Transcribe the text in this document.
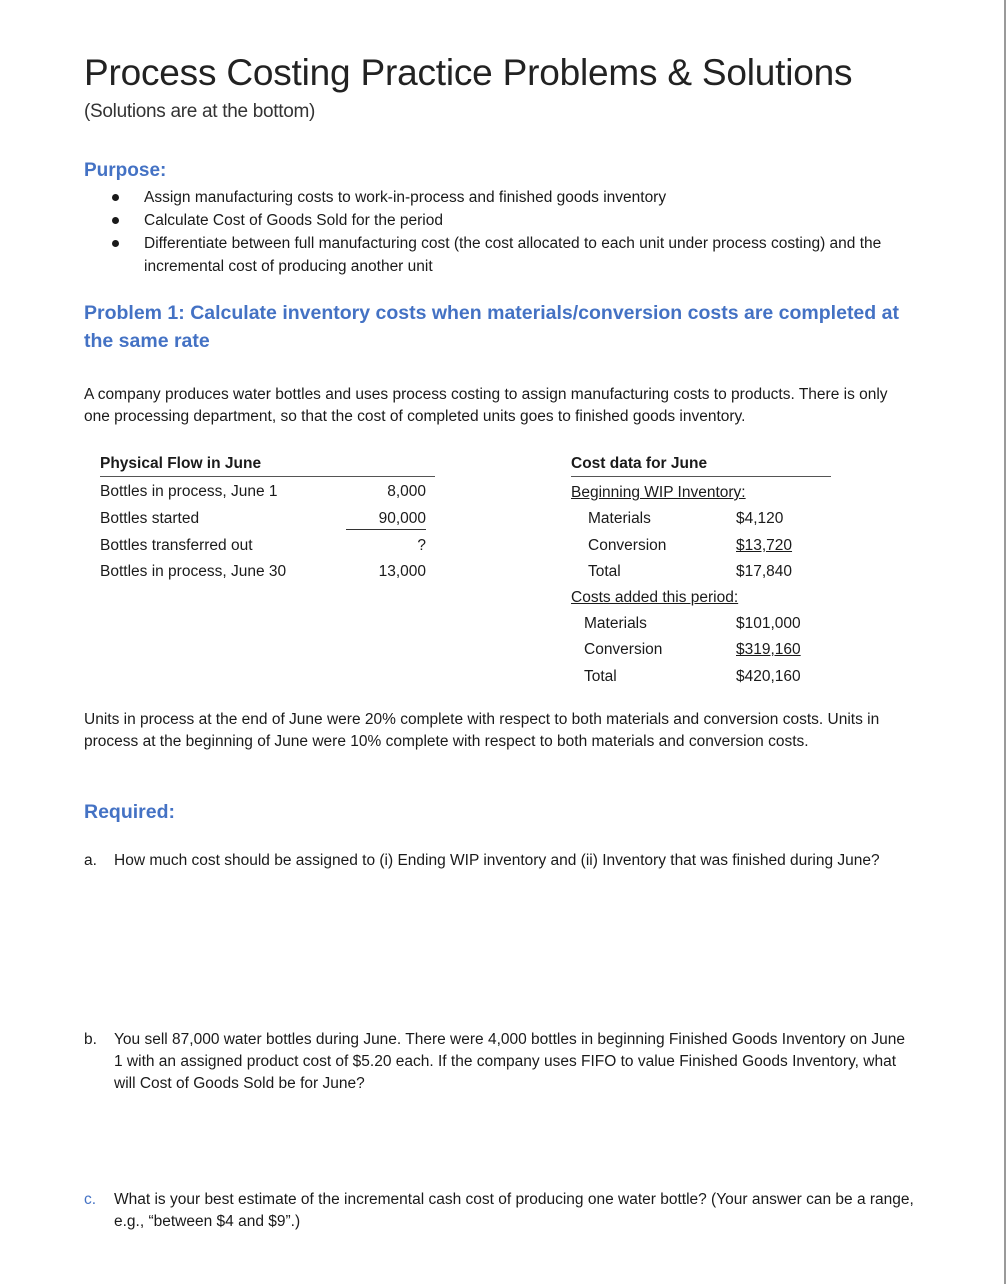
Process Costing Practice Problems & Solutions
(Solutions are at the bottom)
Purpose:
Assign manufacturing costs to work-in-process and finished goods inventory
Calculate Cost of Goods Sold for the period
Differentiate between full manufacturing cost (the cost allocated to each unit under process costing) and the incremental cost of producing another unit
Problem 1: Calculate inventory costs when materials/conversion costs are completed at the same rate
A company produces water bottles and uses process costing to assign manufacturing costs to products. There is only one processing department, so that the cost of completed units goes to finished goods inventory.
Physical Flow in June
Bottles in process, June 1	8,000
Bottles started	90,000
Bottles transferred out	?
Bottles in process, June 30	13,000
Cost data for June
Beginning WIP Inventory:
Materials	$4,120
Conversion	$13,720
Total	$17,840
Costs added this period:
Materials	$101,000
Conversion	$319,160
Total	$420,160
Units in process at the end of June were 20% complete with respect to both materials and conversion costs. Units in process at the beginning of June were 10% complete with respect to both materials and conversion costs.
Required:
a. How much cost should be assigned to (i) Ending WIP inventory and (ii) Inventory that was finished during June?
b. You sell 87,000 water bottles during June. There were 4,000 bottles in beginning Finished Goods Inventory on June 1 with an assigned product cost of $5.20 each. If the company uses FIFO to value Finished Goods Inventory, what will Cost of Goods Sold be for June?
c. What is your best estimate of the incremental cash cost of producing one water bottle? (Your answer can be a range, e.g., “between $4 and $9”.)
